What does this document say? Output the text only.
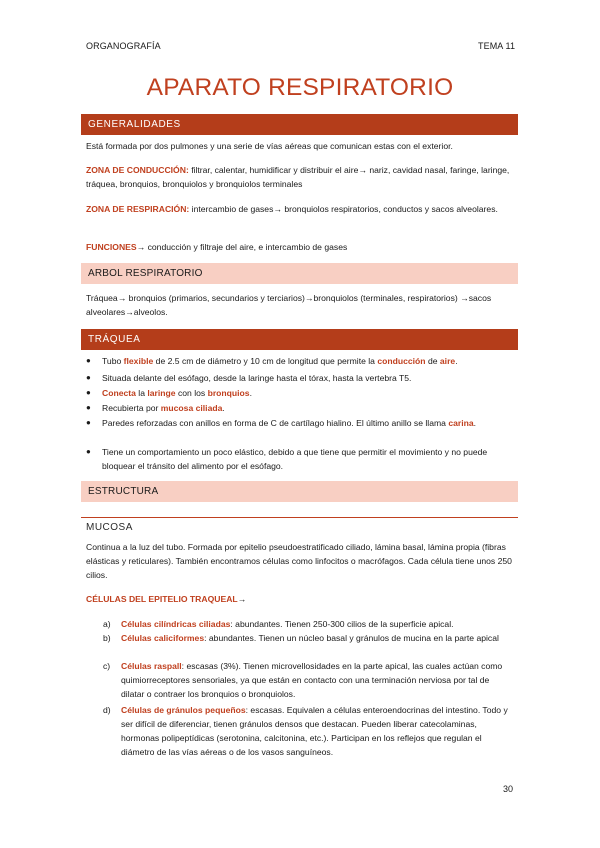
ORGANOGRAFÍA	TEMA 11
APARATO RESPIRATORIO
GENERALIDADES
Está formada por dos pulmones y una serie de vías aéreas que comunican estas con el exterior.
ZONA DE CONDUCCIÓN: filtrar, calentar, humidificar y distribuir el aire→ nariz, cavidad nasal, faringe, laringe, tráquea, bronquios, bronquiolos y bronquiolos terminales
ZONA DE RESPIRACIÓN: intercambio de gases→ bronquiolos respiratorios, conductos y sacos alveolares.
FUNCIONES→ conducción y filtraje del aire, e intercambio de gases
ARBOL RESPIRATORIO
Tráquea→ bronquios (primarios, secundarios y terciarios)→bronquiolos (terminales, respiratorios) →sacos alveolares→alveolos.
TRÁQUEA
● Tubo flexible de 2.5 cm de diámetro y 10 cm de longitud que permite la conducción de aire.
● Situada delante del esófago, desde la laringe hasta el tórax, hasta la vertebra T5.
● Conecta la laringe con los bronquios.
● Recubierta por mucosa ciliada.
● Paredes reforzadas con anillos en forma de C de cartílago hialino. El último anillo se llama carina.
● Tiene un comportamiento un poco elástico, debido a que tiene que permitir el movimiento y no puede bloquear el tránsito del alimento por el esófago.
ESTRUCTURA
MUCOSA
Continua a la luz del tubo. Formada por epitelio pseudoestratificado ciliado, lámina basal, lámina propia (fibras elásticas y reticulares). También encontramos células como linfocitos o macrófagos. Cada célula tiene unos 250 cilios.
CÉLULAS DEL EPITELIO TRAQUEAL→
a) Células cilíndricas ciliadas: abundantes. Tienen 250-300 cilios de la superficie apical.
b) Células caliciformes: abundantes. Tienen un núcleo basal y gránulos de mucina en la parte apical
c) Células raspall: escasas (3%). Tienen microvellosidades en la parte apical, las cuales actúan como quimiorreceptores sensoriales, ya que están en contacto con una terminación nerviosa por tal de dilatar o contraer los bronquios o bronquiolos.
d) Células de gránulos pequeños: escasas. Equivalen a células enteroendocrinas del intestino. Todo y ser difícil de diferenciar, tienen gránulos densos que destacan. Pueden liberar catecolaminas, hormonas polipeptídicas (serotonina, calcitonina, etc.). Participan en los reflejos que regulan el diámetro de las vías aéreas o de los vasos sanguíneos.
30
